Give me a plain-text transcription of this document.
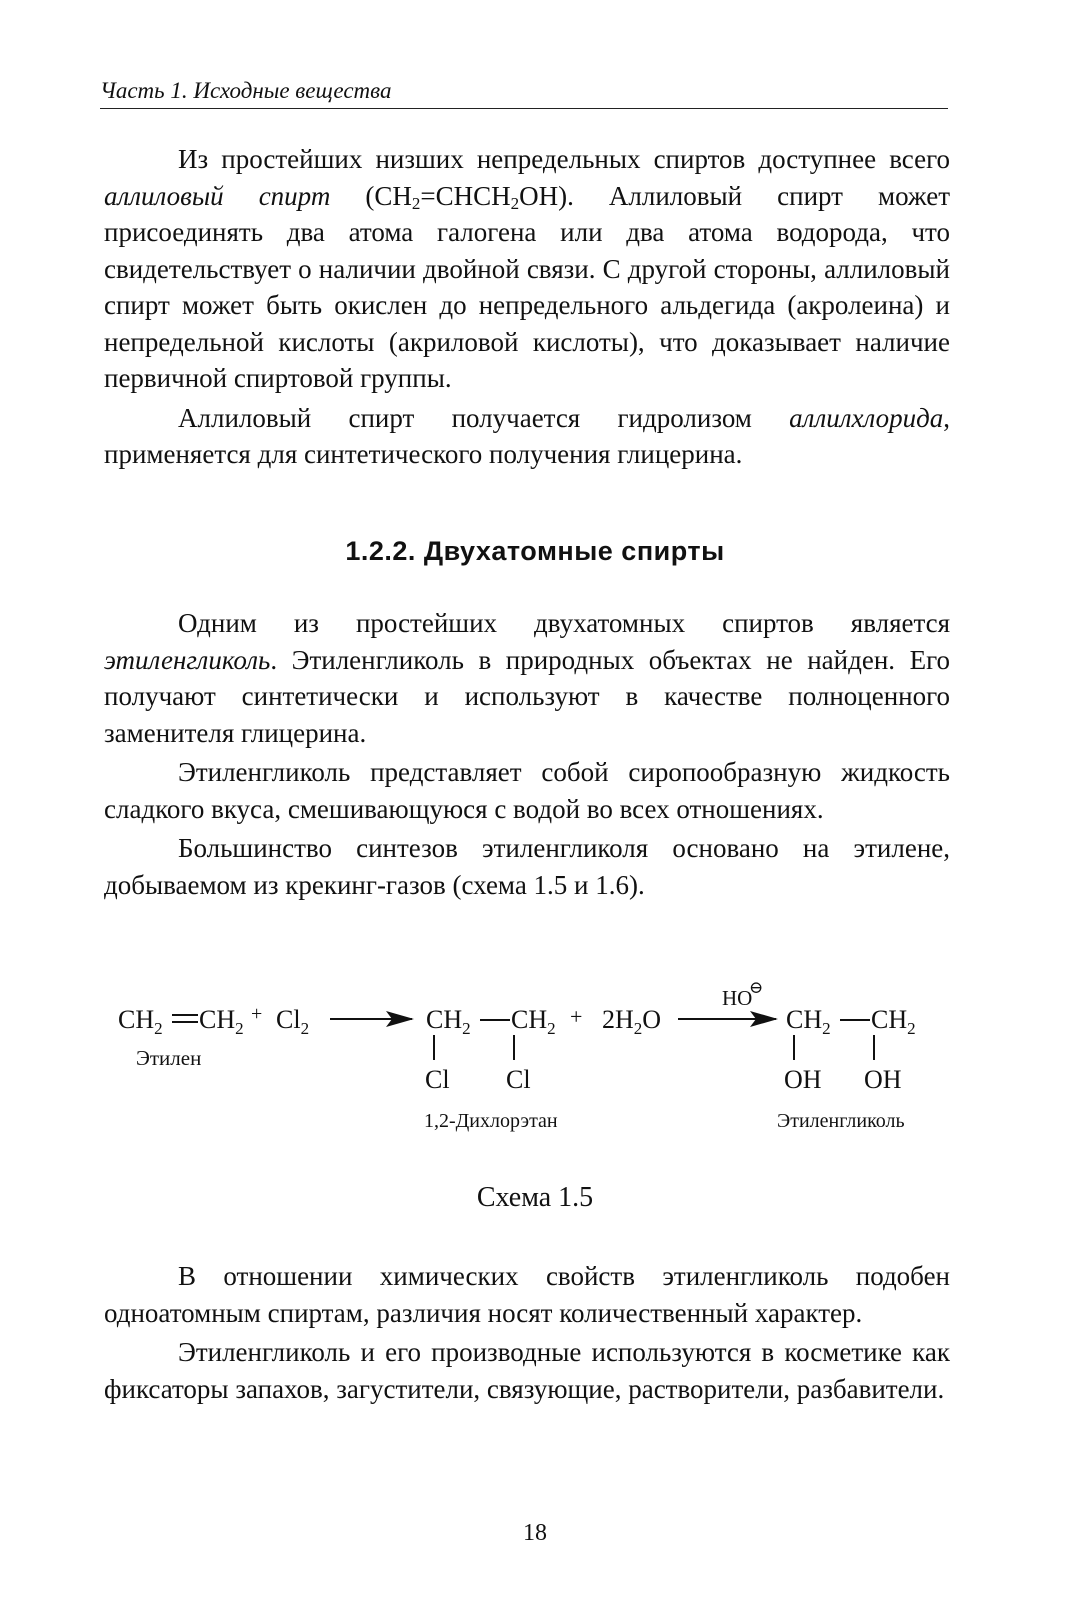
Часть 1. Исходные вещества

Из простейших низших непредельных спиртов доступнее всего аллиловый спирт $(CH_2=CHCH_2OH)$. Аллиловый спирт может присоединять два атома галогена или два атома водорода, что свидетельствует о наличии двойной связи. С другой стороны, аллиловый спирт может быть окислен до непредельного альдегида (акролеина) и непредельной кислоты (акриловой кислоты), что доказывает наличие первичной спиртовой группы.

Аллиловый спирт получается гидролизом аллилхлорида, применяется для синтетического получения глицерина.

1.2.2. Двухатомные спирты

Одним из простейших двухатомных спиртов является этиленгликоль. Этиленгликоль в природных объектах не найден. Его получают синтетически и используют в качестве полноценного заменителя глицерина.

Этиленгликоль представляет собой сиропообразную жидкость сладкого вкуса, смешивающуюся с водой во всех отношениях.

Большинство синтезов этиленгликоля основано на этилене, добываемом из крекинг-газов (схема 1.5 и 1.6).

$CH_2$ $CH_2$
+ $Cl_2$
Этилен
$CH_2$ $CH_2$
Cl Cl
1,2-Дихлорэтан
+ $2H_2O$
HO
⊖
$CH_2$ $CH_2$
OH OH
Этиленгликоль
Схема 1.5

В отношении химических свойств этиленгликоль подобен одноатомным спиртам, различия носят количественный характер.

Этиленгликоль и его производные используются в косметике как фиксаторы запахов, загустители, связующие, растворители, разбавители.

18
